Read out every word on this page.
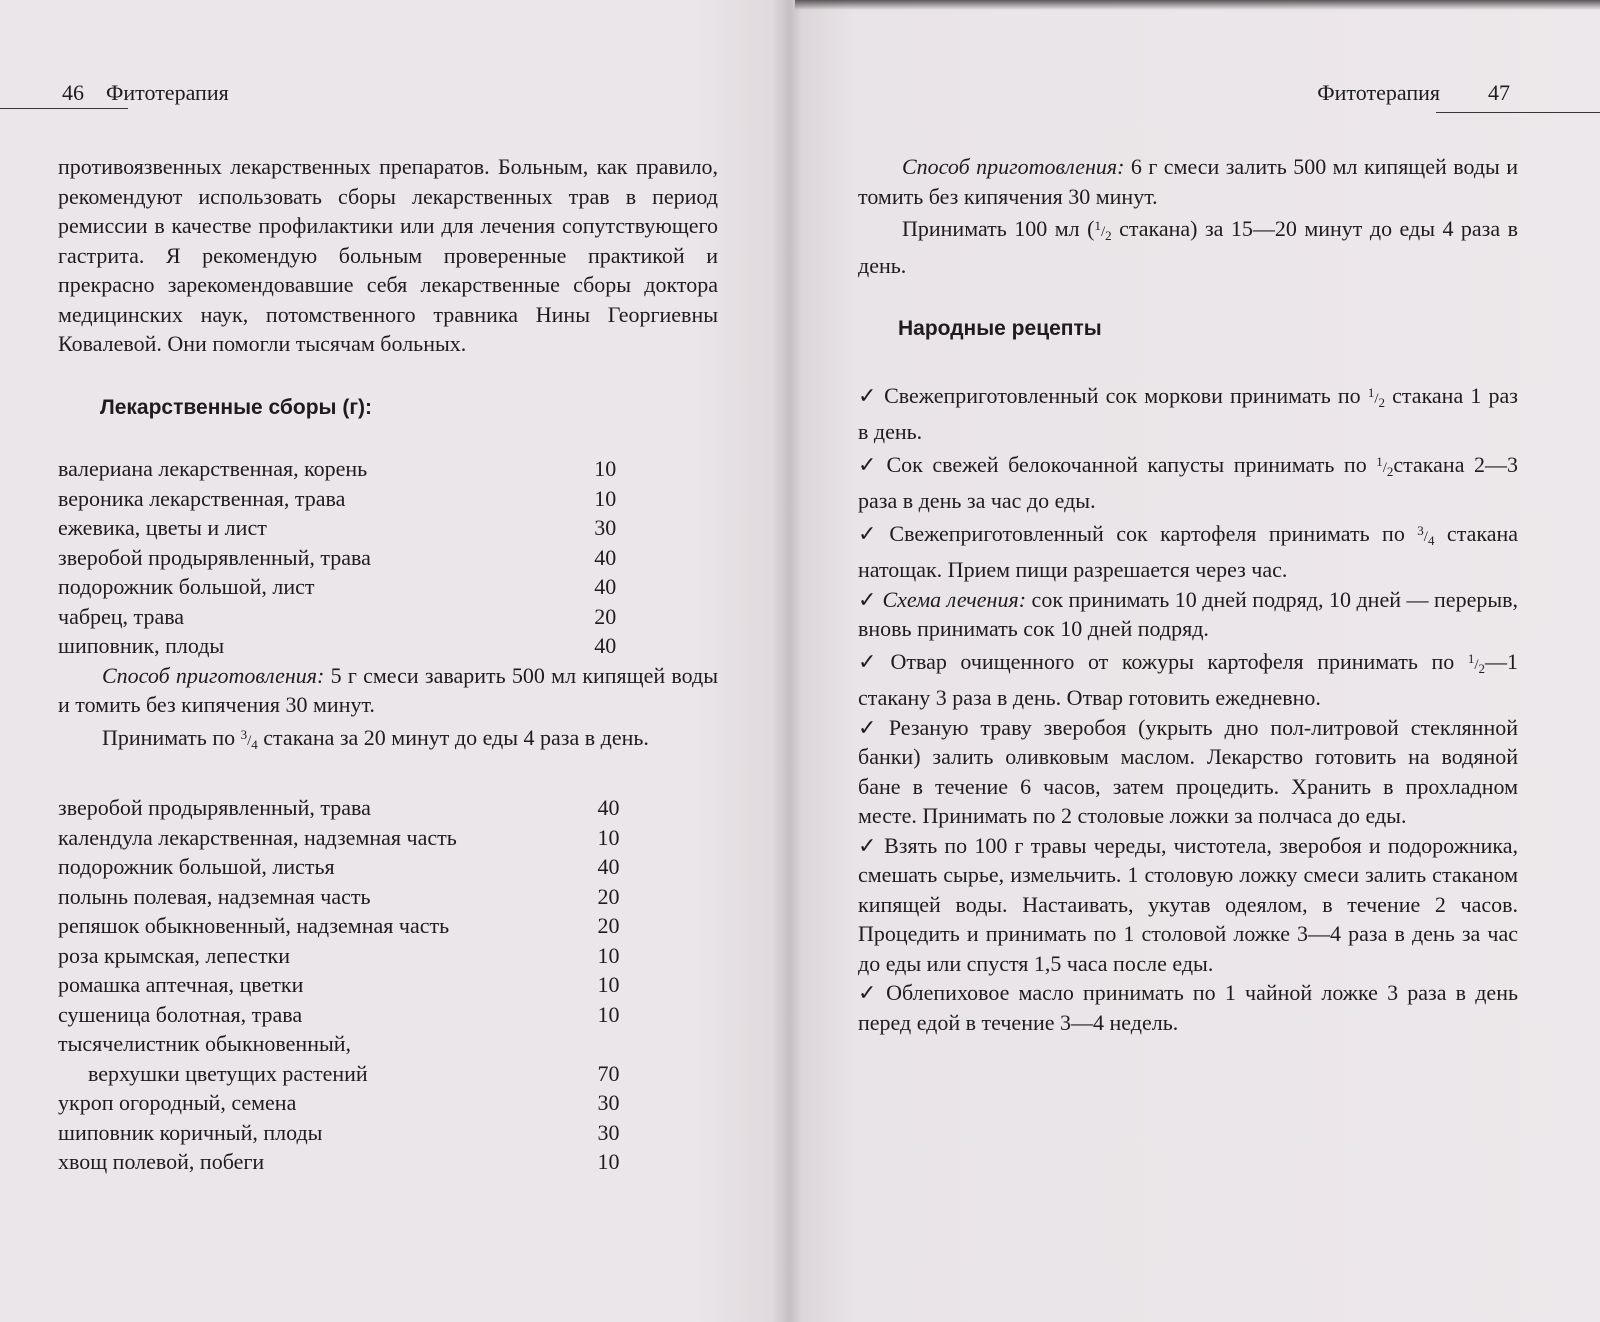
46 Фитотерапия

противоязвенных лекарственных препаратов. Больным, как правило, рекомендуют использовать сборы лекарственных трав в период ремиссии в качестве профилактики или для лечения сопутствующего гастрита. Я рекомендую больным проверенные практикой и прекрасно зарекомендовавшие себя лекарственные сборы доктора медицинских наук, потомственного травника Нины Георгиевны Ковалевой. Они помогли тысячам больных.

Лекарственные сборы (г):

валериана лекарственная, корень	10
вероника лекарственная, трава	10
ежевика, цветы и лист	30
зверобой продырявленный, трава	40
подорожник большой, лист	40
чабрец, трава	20
шиповник, плоды	40

Способ приготовления: 5 г смеси заварить 500 мл кипящей воды и томить без кипячения 30 минут.

Принимать по $^3/_4$ стакана за 20 минут до еды 4 раза в день.

зверобой продырявленный, трава	40
календула лекарственная, надземная часть	10
подорожник большой, листья	40
полынь полевая, надземная часть	20
репяшок обыкновенный, надземная часть	20
роза крымская, лепестки	10
ромашка аптечная, цветки	10
сушеница болотная, трава	10
тысячелистник обыкновенный,	
верхушки цветущих растений	70
укроп огородный, семена	30
шиповник коричный, плоды	30
хвощ полевой, побеги	10
Фитотерапия 47

Способ приготовления: 6 г смеси залить 500 мл кипящей воды и томить без кипячения 30 минут.

Принимать 100 мл ($^1/_2$ стакана) за 15—20 минут до еды 4 раза в день.

Народные рецепты

✓ Свежеприготовленный сок моркови принимать по $^1/_2$ стакана 1 раз в день.

✓ Сок свежей белокочанной капусты принимать по $^1/_2стакана$ 2—3 раза в день за час до еды.

✓ Свежеприготовленный сок картофеля принимать по $^3/_4$ стакана натощак. Прием пищи разрешается через час.

✓ Схема лечения: сок принимать 10 дней подряд, 10 дней — перерыв, вновь принимать сок 10 дней подряд.

✓ Отвар очищенного от кожуры картофеля принимать по $^1/_2—1$ стакану 3 раза в день. Отвар готовить ежедневно.

✓ Резаную траву зверобоя (укрыть дно пол-литровой стеклянной банки) залить оливковым маслом. Лекарство готовить на водяной бане в течение 6 часов, затем процедить. Хранить в прохладном месте. Принимать по 2 столовые ложки за полчаса до еды.

✓ Взять по 100 г травы череды, чистотела, зверобоя и подорожника, смешать сырье, измельчить. 1 столовую ложку смеси залить стаканом кипящей воды. Настаивать, укутав одеялом, в течение 2 часов. Процедить и принимать по 1 столовой ложке 3—4 раза в день за час до еды или спустя 1,5 часа после еды.

✓ Облепиховое масло принимать по 1 чайной ложке 3 раза в день перед едой в течение 3—4 недель.
